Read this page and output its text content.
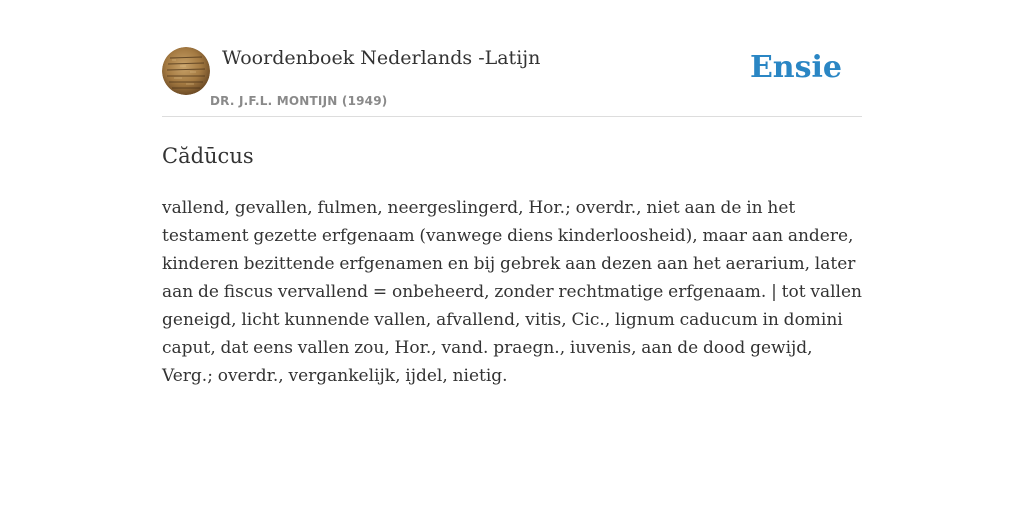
Woordenboek Nederlands -Latijn
DR. J.F.L. MONTIJN (1949)
Ensie
Cădūcus

vallend, gevallen, fulmen, neergeslingerd, Hor.; overdr., niet aan de in het testament gezette erfgenaam (vanwege diens kinderloosheid), maar aan andere, kinderen bezittende erfgenamen en bij gebrek aan dezen aan het aerarium, later aan de fiscus vervallend = onbeheerd, zonder rechtmatige erfgenaam. | tot vallen geneigd, licht kunnende vallen, afvallend, vitis, Cic., lignum caducum in domini caput, dat eens vallen zou, Hor., vand. praegn., iuvenis, aan de dood gewijd, Verg.; overdr., vergankelijk, ijdel, nietig.
